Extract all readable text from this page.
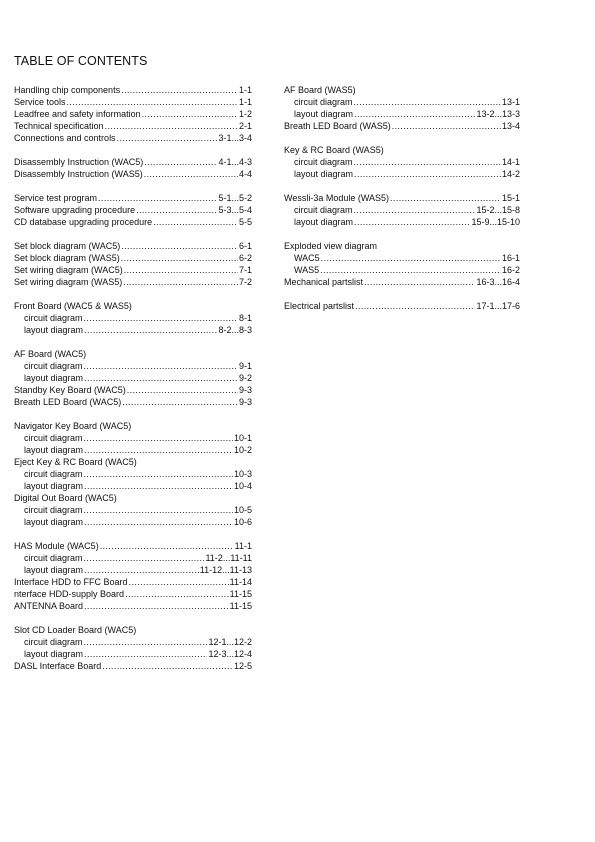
TABLE OF CONTENTS
Handling chip components .....	1-1
Service tools .....	1-1
Leadfree and safety information .....	1-2
Technical specification .....	2-1
Connections and controls .....	3-1...3-4
Disassembly Instruction (WAC5) .....	4-1...4-3
Disassembly Instruction (WAS5) .....	4-4
Service test program .....	5-1...5-2
Software upgrading procedure .....	5-3...5-4
CD database upgrading procedure .....	5-5
Set block diagram (WAC5) .....	6-1
Set block diagram (WAS5) .....	6-2
Set wiring diagram (WAC5) .....	7-1
Set wiring diagram (WAS5) .....	7-2
Front Board (WAC5 & WAS5)
circuit diagram .....	8-1
layout diagram .....	8-2...8-3
AF Board (WAC5)
circuit diagram .....	9-1
layout diagram .....	9-2
Standby Key Board (WAC5) .....	9-3
Breath LED Board (WAC5) .....	9-3
Navigator Key Board (WAC5)
circuit diagram .....	10-1
layout diagram .....	10-2
Eject Key & RC Board (WAC5)
circuit diagram .....	10-3
layout diagram .....	10-4
Digital Out Board (WAC5)
circuit diagram .....	10-5
layout diagram .....	10-6
HAS Module (WAC5) .....	11-1
circuit diagram .....	11-2...11-11
layout diagram .....	11-12...11-13
Interface HDD to FFC Board .....	11-14
nterface HDD-supply Board .....	11-15
ANTENNA Board .....	11-15
Slot CD Loader Board (WAC5)
circuit diagram .....	12-1...12-2
layout diagram .....	12-3...12-4
DASL Interface Board .....	12-5
AF Board (WAS5)
circuit diagram .....	13-1
layout diagram .....	13-2...13-3
Breath LED Board (WAS5) .....	13-4
Key & RC Board (WAS5)
circuit diagram .....	14-1
layout diagram .....	14-2
Wessli-3a Module (WAS5) .....	15-1
circuit diagram .....	15-2...15-8
layout diagram .....	15-9...15-10
Exploded view diagram
WAC5 .....	16-1
WAS5 .....	16-2
Mechanical partslist .....	16-3...16-4
Electrical partslist .....	17-1...17-6
